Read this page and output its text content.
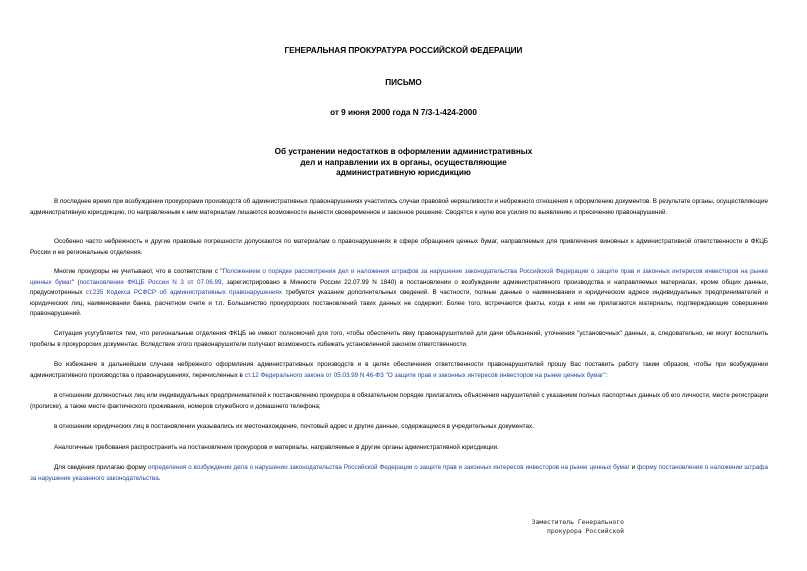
ГЕНЕРАЛЬНАЯ ПРОКУРАТУРА РОССИЙСКОЙ ФЕДЕРАЦИИ
ПИСЬМО
от 9 июня 2000 года N 7/3-1-424-2000
Об устранении недостатков в оформлении административных
дел и направлении их в органы, осуществляющие
административную юрисдикцию
В последнее время при возбуждении прокурорами производств об административных правонарушениях участились случаи правовой неряшливости и небрежного отношения к оформлению документов. В результате органы, осуществляющие административную юрисдикцию, по направленным к ним материалам лишаются возможности вынести своевременное и законное решение. Сводятся к нулю все усилия по выявлению и пресечению правонарушений.
Особенно часто небрежность и другие правовые погрешности допускаются по материалам о правонарушениях в сфере обращения ценных бумаг, направляемых для привлечения виновных к административной ответственности в ФКЦБ России и ее региональные отделения.
Многие прокуроры не учитывают, что в соответствии с "Положением о порядке рассмотрения дел и наложения штрафов за нарушение законодательства Российской Федерации о защите прав и законных интересов инвесторов на рынке ценных бумаг" (постановление ФКЦБ России N 3 от 07.06.99, зарегистрировано в Минюсте России 22.07.99 N 1840) в постановлении о возбуждении административного производства и направляемых материалах, кроме общих данных, предусмотренных ст.235 Кодекса РСФСР об административных правонарушениях требуется указание дополнительных сведений. В частности, полные данные о наименовании и юридическом адресе индивидуальных предпринимателей и юридических лиц, наименовании банка, расчетном счете и т.п. Большинство прокурорских постановлений таких данных не содержит. Более того, встречаются факты, когда к ним не прилагаются материалы, подтверждающие совершение правонарушений.
Ситуация усугубляется тем, что региональные отделения ФКЦБ не имеют полномочий для того, чтобы обеспечить явку правонарушителей для дачи объяснений, уточнения "установочных" данных, а, следовательно, не могут восполнить пробелы в прокурорских документах. Вследствие этого правонарушители получают возможность избежать установленной законом ответственности.
Во избежание в дальнейшем случаев небрежного оформления административных производств и в целях обеспечения ответственности правонарушителей прошу Вас поставить работу таким образом, чтобы при возбуждении административного производства о правонарушениях, перечисленных в ст.12 Федерального закона от 05.03.99 N 46-ФЗ "О защите прав и законных интересов инвесторов на рынке ценных бумаг":
в отношении должностных лиц или индивидуальных предпринимателей к постановлению прокурора в обязательном порядке прилагались объяснения нарушителей с указанием полных паспортных данных об его личности, месте регистрации (прописке), а также месте фактического проживания, номеров служебного и домашнего телефона;
в отношении юридических лиц в постановлении указывались их местонахождение, почтовый адрес и другие данные, содержащиеся в учредительных документах.
Аналогичные требования распространить на постановления прокуроров и материалы, направляемые в другие органы административной юрисдикции.
Для сведения прилагаю форму определения о возбуждении дела о нарушении законодательства Российской Федерации о защите прав и законных интересов инвесторов на рынке ценных бумаг и форму постановления о наложении штрафа за нарушение указанного законодательства.
Заместитель Генерального
прокурора Российской
